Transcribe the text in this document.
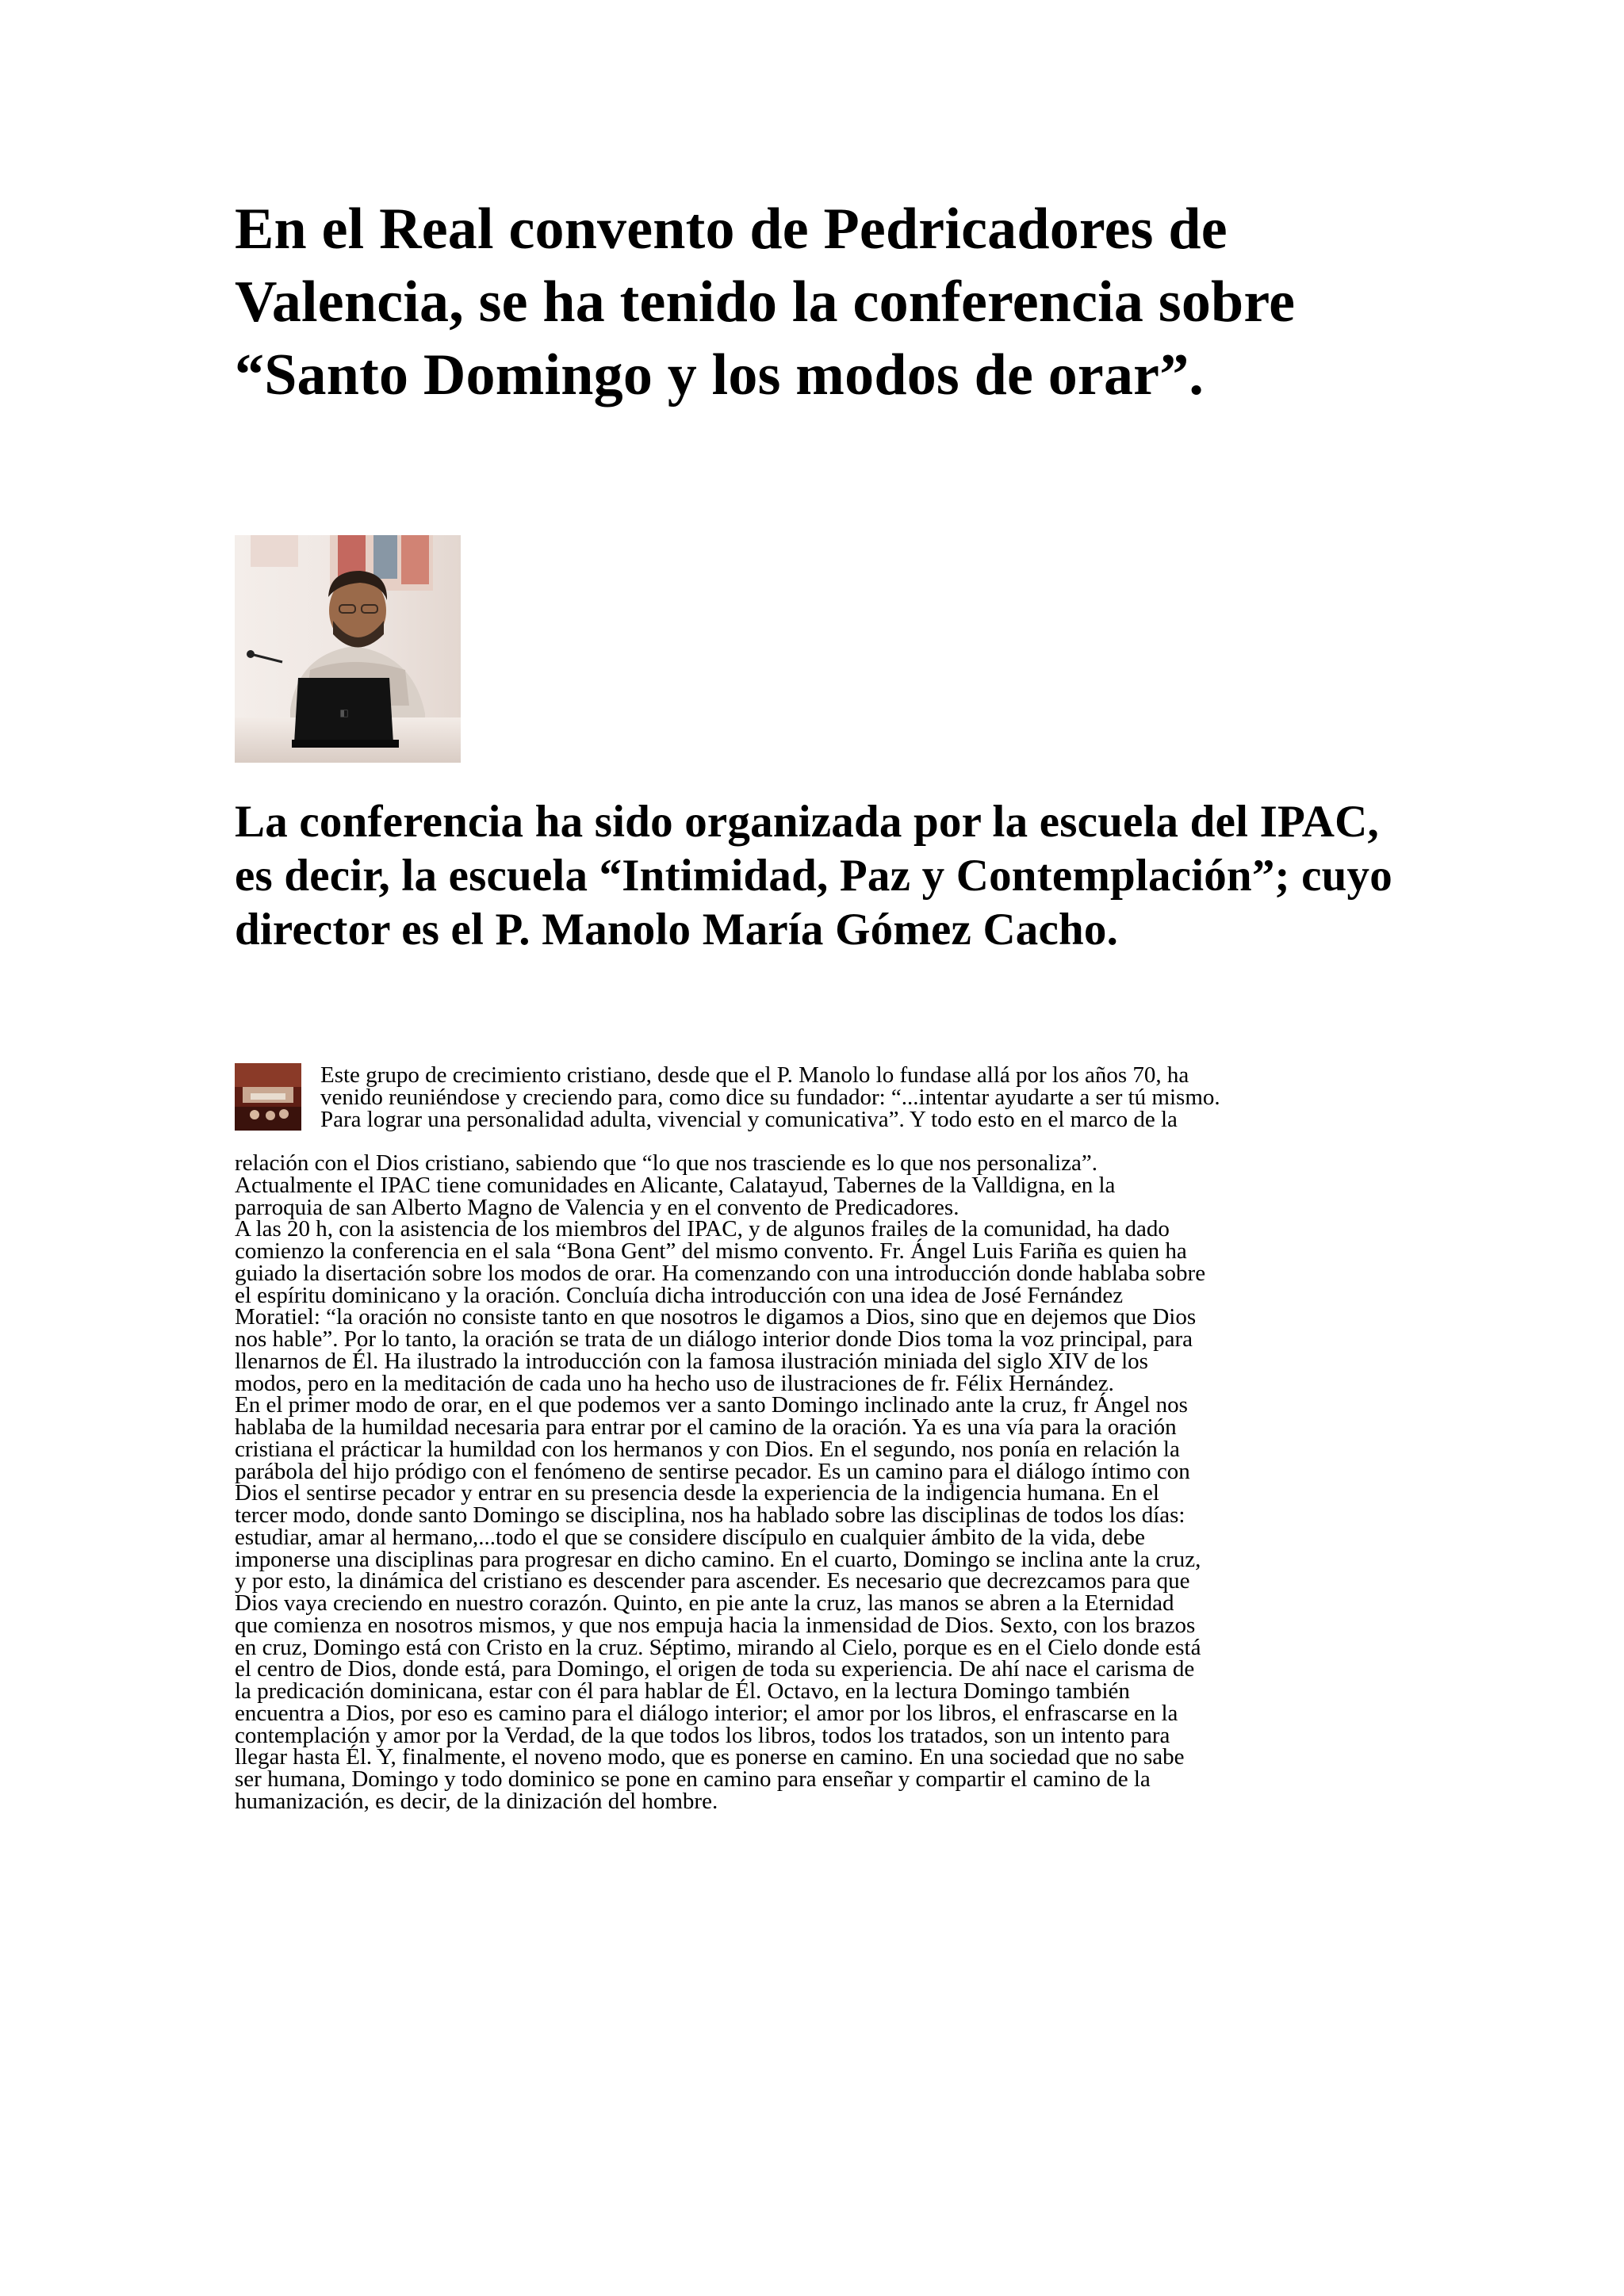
En el Real convento de Pedricadores de Valencia, se ha tenido la conferencia sobre “Santo Domingo y los modos de orar”.
◧
La conferencia ha sido organizada por la escuela del IPAC, es decir, la escuela “Intimidad, Paz y Contemplación”; cuyo director es el P. Manolo María Gómez Cacho.
Este grupo de crecimiento cristiano, desde que el P. Manolo lo fundase allá por los años 70, ha
venido reuniéndose y creciendo para, como dice su fundador: “...intentar ayudarte a ser tú mismo.
Para lograr una personalidad adulta, vivencial y comunicativa”. Y todo esto en el marco de la
relación con el Dios cristiano, sabiendo que “lo que nos trasciende es lo que nos personaliza”.
Actualmente el IPAC tiene comunidades en Alicante, Calatayud, Tabernes de la Valldigna, en la
parroquia de san Alberto Magno de Valencia y en el convento de Predicadores.
A las 20 h, con la asistencia de los miembros del IPAC, y de algunos frailes de la comunidad, ha dado
comienzo la conferencia en el sala “Bona Gent” del mismo convento. Fr. Ángel Luis Fariña es quien ha
guiado la disertación sobre los modos de orar. Ha comenzando con una introducción donde hablaba sobre
el espíritu dominicano y la oración. Concluía dicha introducción con una idea de José Fernández
Moratiel: “la oración no consiste tanto en que nosotros le digamos a Dios, sino que en dejemos que Dios
nos hable”. Por lo tanto, la oración se trata de un diálogo interior donde Dios toma la voz principal, para
llenarnos de Él. Ha ilustrado la introducción con la famosa ilustración miniada del siglo XIV de los
modos, pero en la meditación de cada uno ha hecho uso de ilustraciones de fr. Félix Hernández.
En el primer modo de orar, en el que podemos ver a santo Domingo inclinado ante la cruz, fr Ángel nos
hablaba de la humildad necesaria para entrar por el camino de la oración. Ya es una vía para la oración
cristiana el prácticar la humildad con los hermanos y con Dios. En el segundo, nos ponía en relación la
parábola del hijo pródigo con el fenómeno de sentirse pecador. Es un camino para el diálogo íntimo con
Dios el sentirse pecador y entrar en su presencia desde la experiencia de la indigencia humana. En el
tercer modo, donde santo Domingo se disciplina, nos ha hablado sobre las disciplinas de todos los días:
estudiar, amar al hermano,...todo el que se considere discípulo en cualquier ámbito de la vida, debe
imponerse una disciplinas para progresar en dicho camino. En el cuarto, Domingo se inclina ante la cruz,
y por esto, la dinámica del cristiano es descender para ascender. Es necesario que decrezcamos para que
Dios vaya creciendo en nuestro corazón. Quinto, en pie ante la cruz, las manos se abren a la Eternidad
que comienza en nosotros mismos, y que nos empuja hacia la inmensidad de Dios. Sexto, con los brazos
en cruz, Domingo está con Cristo en la cruz. Séptimo, mirando al Cielo, porque es en el Cielo donde está
el centro de Dios, donde está, para Domingo, el origen de toda su experiencia. De ahí nace el carisma de
la predicación dominicana, estar con él para hablar de Él. Octavo, en la lectura Domingo también
encuentra a Dios, por eso es camino para el diálogo interior; el amor por los libros, el enfrascarse en la
contemplación y amor por la Verdad, de la que todos los libros, todos los tratados, son un intento para
llegar hasta Él. Y, finalmente, el noveno modo, que es ponerse en camino. En una sociedad que no sabe
ser humana, Domingo y todo dominico se pone en camino para enseñar y compartir el camino de la
humanización, es decir, de la dinización del hombre.
